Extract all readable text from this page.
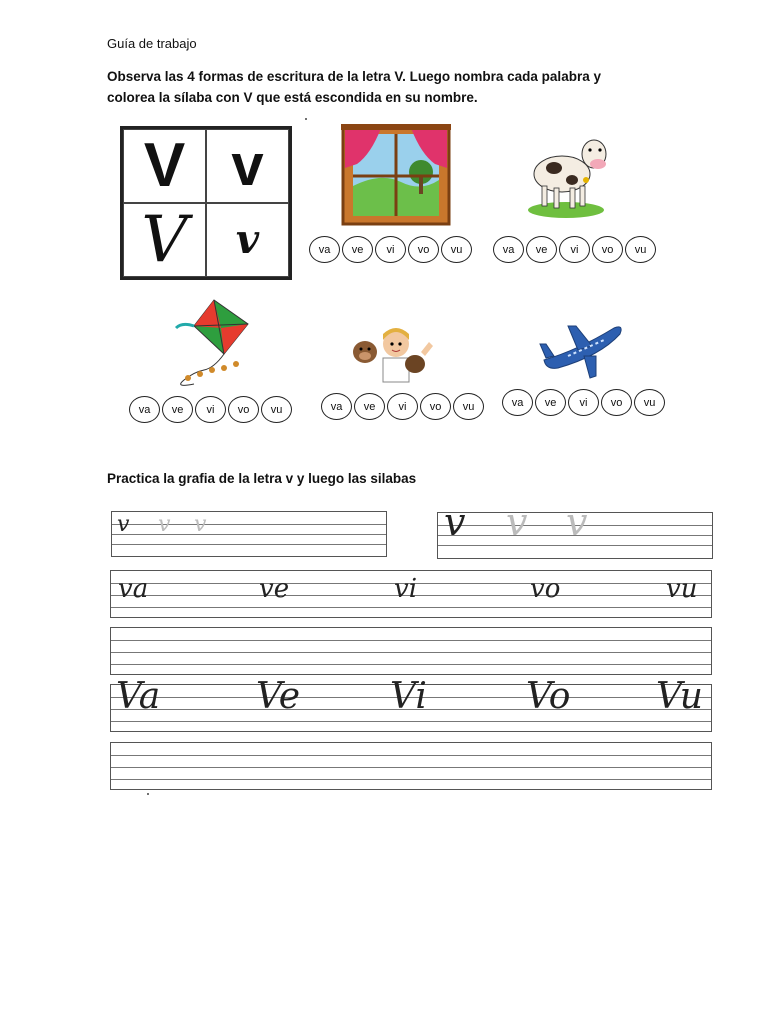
Guía de trabajo
Observa las 4 formas de escritura de la letra V. Luego nombra cada palabra y
colorea la sílaba con V que está escondida en su nombre.
V v
V v	va	ve	vi	vo	vu	va	ve	vi	vo	vu
va	ve	vi	vo	vu	va	ve	vi	vo	vu	va	ve	vi	vo	vu
Practica la grafia de la letra v y luego las silabas
v v v	v v v
va	ve	vi	vo	vu
Va	Ve	Vi	Vo Vu
